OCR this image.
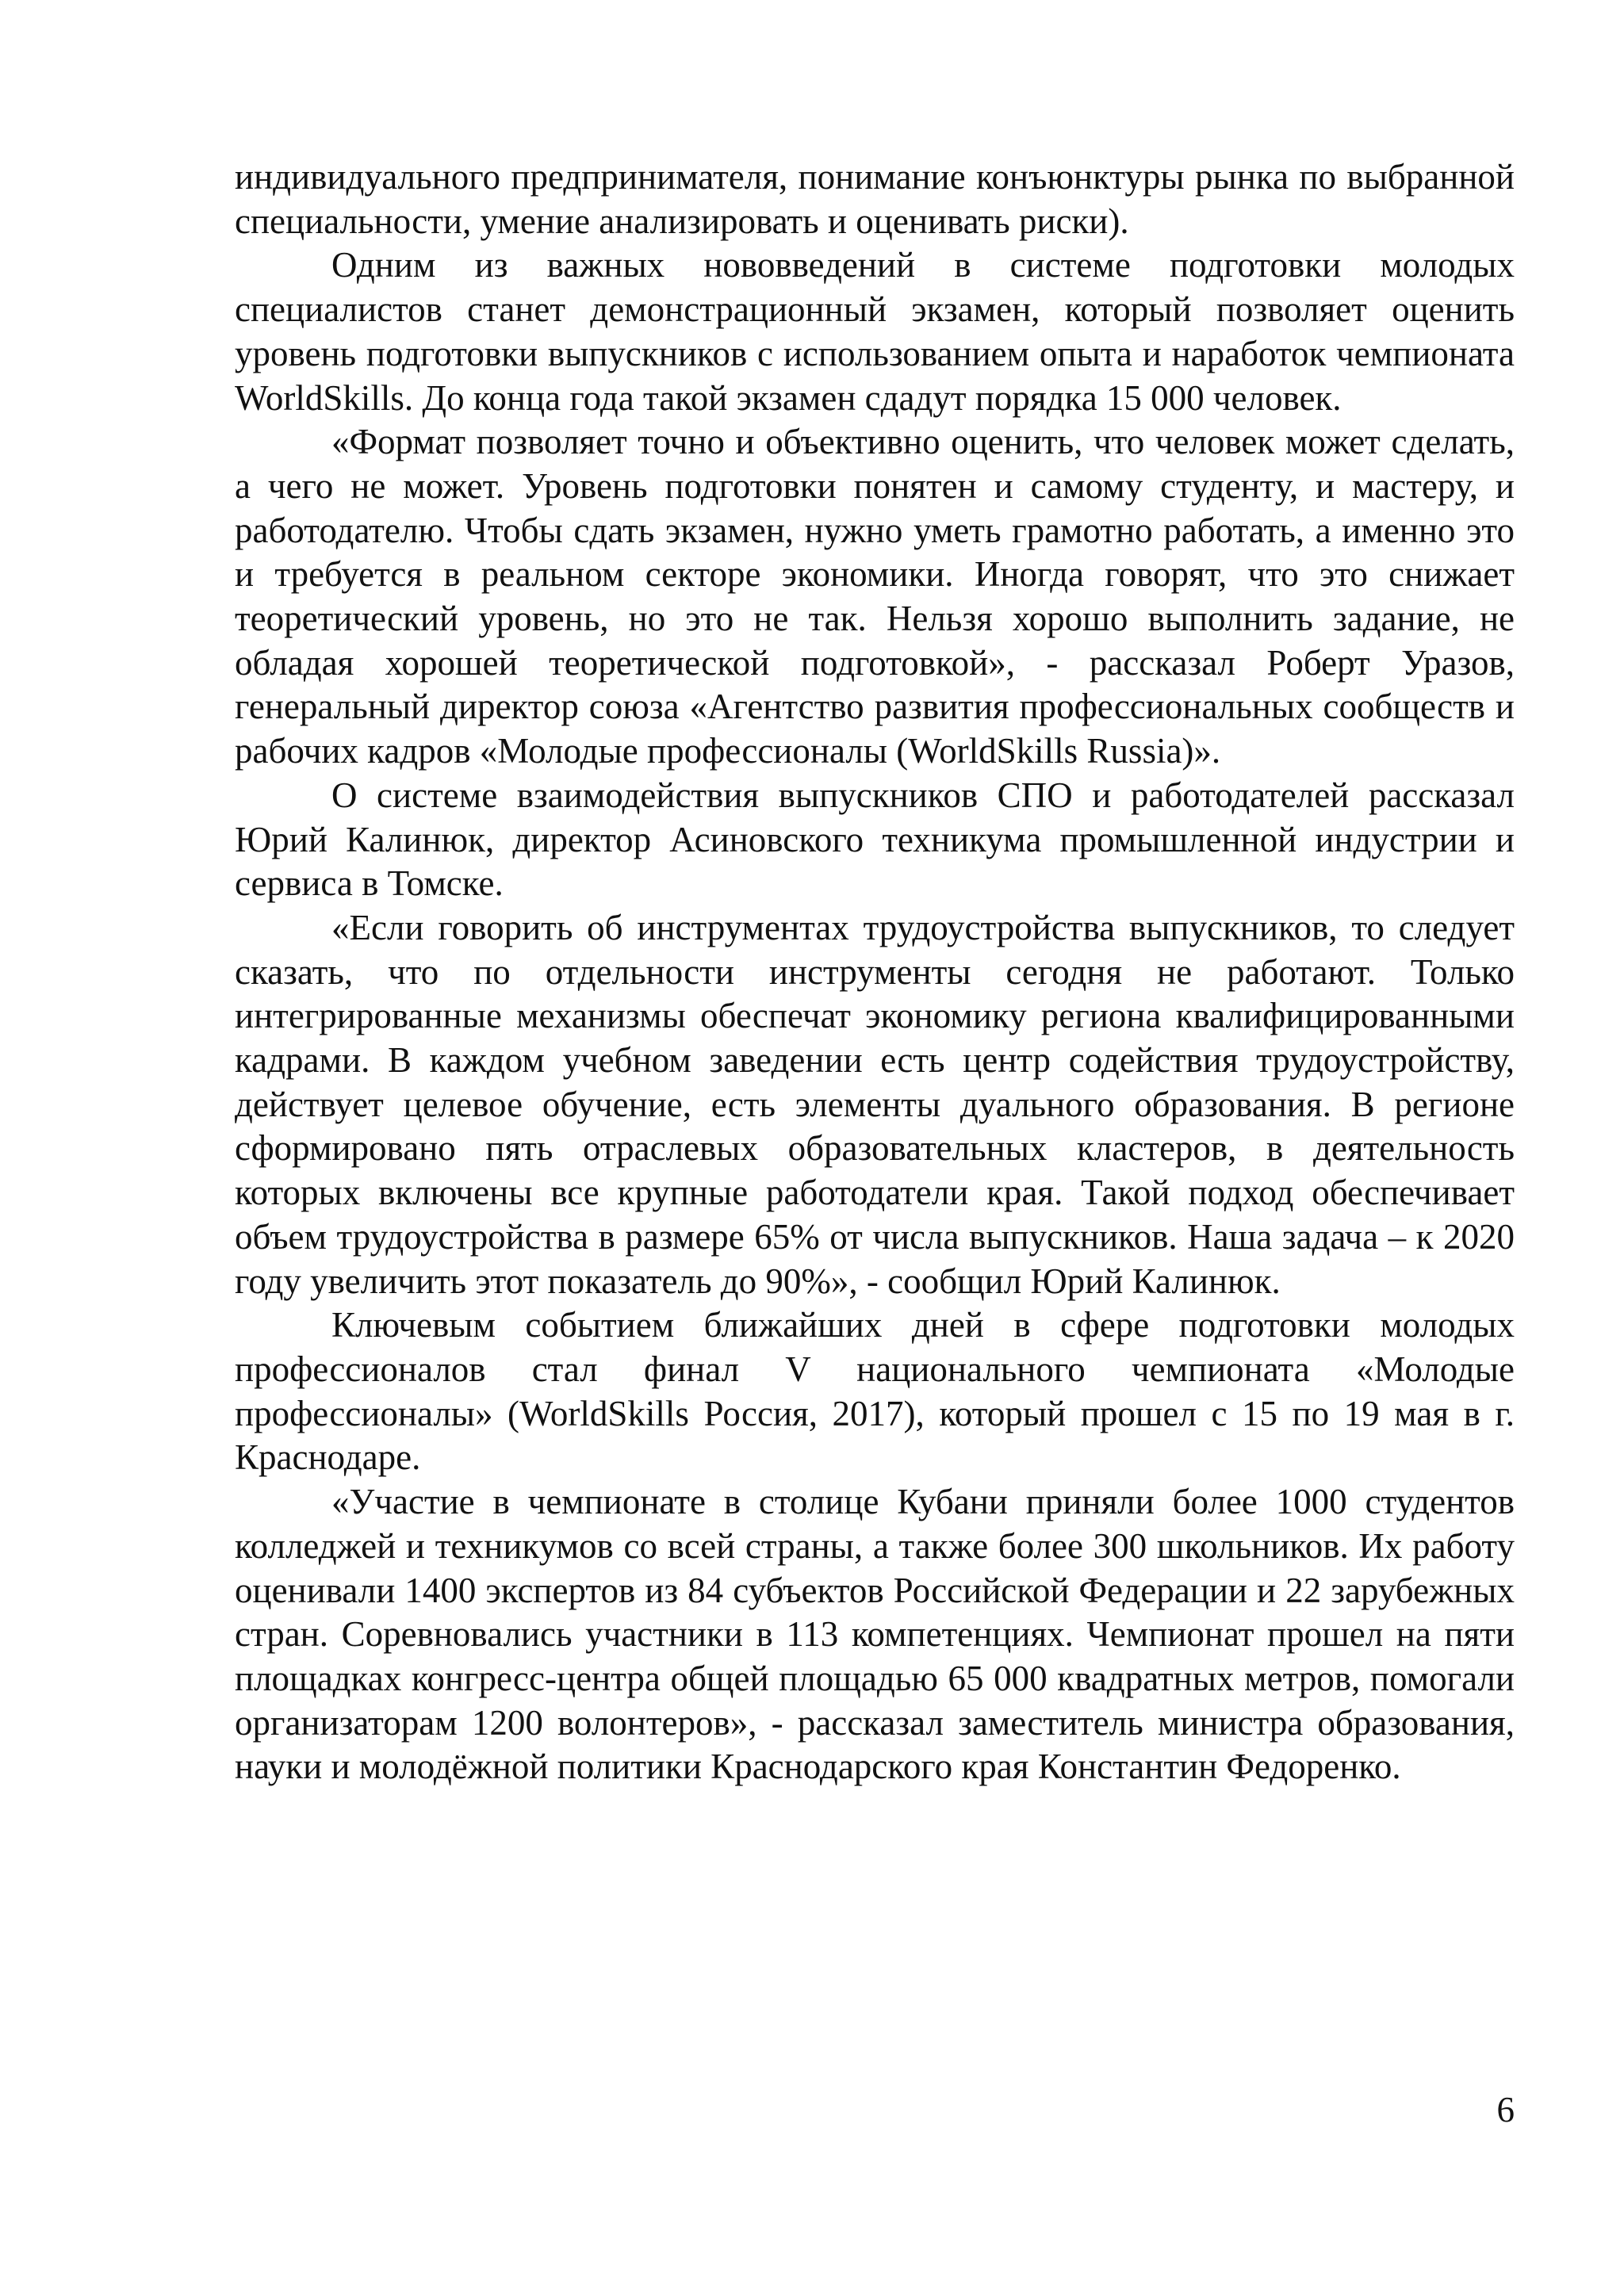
индивидуального предпринимателя, понимание конъюнктуры рынка по выбранной специальности, умение анализировать и оценивать риски).

Одним из важных нововведений в системе подготовки молодых специалистов станет демонстрационный экзамен, который позволяет оценить уровень подготовки выпускников с использованием опыта и наработок чемпионата WorldSkills. До конца года такой экзамен сдадут порядка 15 000 человек.

«Формат позволяет точно и объективно оценить, что человек может сделать, а чего не может. Уровень подготовки понятен и самому студенту, и мастеру, и работодателю. Чтобы сдать экзамен, нужно уметь грамотно работать, а именно это и требуется в реальном секторе экономики. Иногда говорят, что это снижает теоретический уровень, но это не так. Нельзя хорошо выполнить задание, не обладая хорошей теоретической подготовкой», - рассказал Роберт Уразов, генеральный директор союза «Агентство развития профессиональных сообществ и рабочих кадров «Молодые профессионалы (WorldSkills Russia)».

О системе взаимодействия выпускников СПО и работодателей рассказал Юрий Калинюк, директор Асиновского техникума промышленной индустрии и сервиса в Томске.

«Если говорить об инструментах трудоустройства выпускников, то следует сказать, что по отдельности инструменты сегодня не работают. Только интегрированные механизмы обеспечат экономику региона квалифицированными кадрами. В каждом учебном заведении есть центр содействия трудоустройству, действует целевое обучение, есть элементы дуального образования. В регионе сформировано пять отраслевых образовательных кластеров, в деятельность которых включены все крупные работодатели края. Такой подход обеспечивает объем трудоустройства в размере 65% от числа выпускников. Наша задача – к 2020 году увеличить этот показатель до 90%», - сообщил Юрий Калинюк.

Ключевым событием ближайших дней в сфере подготовки молодых профессионалов стал финал V национального чемпионата «Молодые профессионалы» (WorldSkills Россия, 2017), который прошел с 15 по 19 мая в г. Краснодаре.

«Участие в чемпионате в столице Кубани приняли более 1000 студентов колледжей и техникумов со всей страны, а также более 300 школьников. Их работу оценивали 1400 экспертов из 84 субъектов Российской Федерации и 22 зарубежных стран. Соревновались участники в 113 компетенциях. Чемпионат прошел на пяти площадках конгресс-центра общей площадью 65 000 квадратных метров, помогали организаторам 1200 волонтеров», - рассказал заместитель министра образования, науки и молодёжной политики Краснодарского края Константин Федоренко.

6
